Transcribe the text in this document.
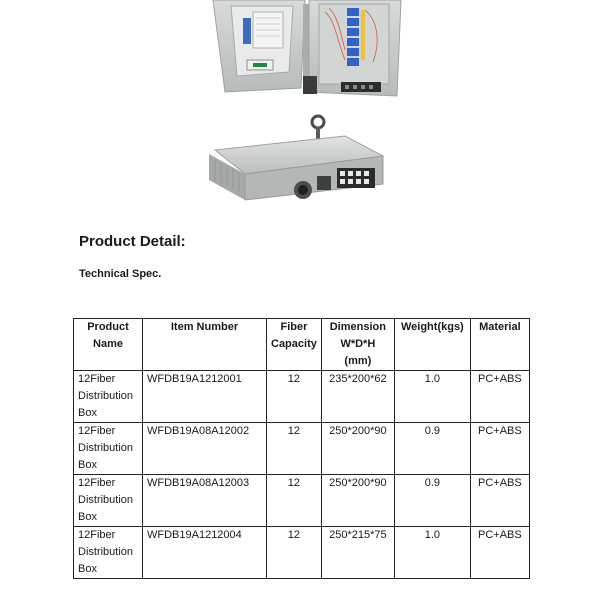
Product Detail:
Technical Spec.
Product Name	Item Number	Fiber Capacity	Dimension W*D*H (mm)	Weight(kgs)	Material
12Fiber Distribution Box	WFDB19A1212001	12	235*200*62	1.0	PC+ABS
12Fiber Distribution Box	WFDB19A08A12002	12	250*200*90	0.9	PC+ABS
12Fiber Distribution Box	WFDB19A08A12003	12	250*200*90	0.9	PC+ABS
12Fiber Distribution Box	WFDB19A1212004	12	250*215*75	1.0	PC+ABS
